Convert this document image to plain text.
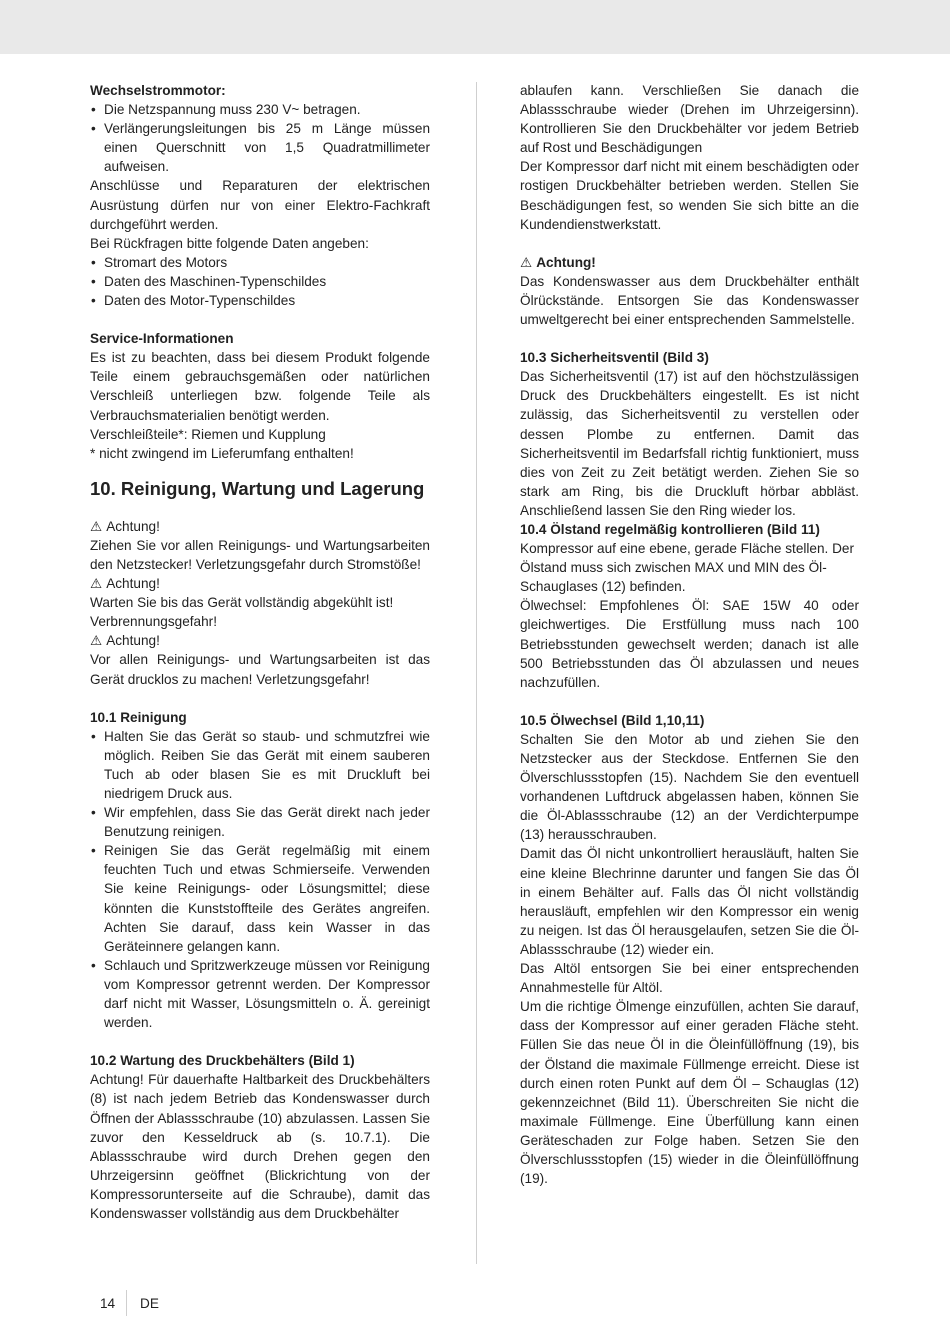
Wechselstrommotor:
• Die Netzspannung muss 230 V~ betragen.
• Verlängerungsleitungen bis 25 m Länge müssen einen Querschnitt von 1,5 Quadratmillimeter aufweisen.

Anschlüsse und Reparaturen der elektrischen Ausrüstung dürfen nur von einer Elektro-Fachkraft durchgeführt werden.

Bei Rückfragen bitte folgende Daten angeben:

• Stromart des Motors
• Daten des Maschinen-Typenschildes
• Daten des Motor-Typenschildes
Service-Informationen

Es ist zu beachten, dass bei diesem Produkt folgende Teile einem gebrauchsgemäßen oder natürlichen Verschleiß unterliegen bzw. folgende Teile als Verbrauchsmaterialien benötigt werden.

Verschleißteile*: Riemen und Kupplung

* nicht zwingend im Lieferumfang enthalten!

10. Reinigung, Wartung und Lagerung

⚠ Achtung!

Ziehen Sie vor allen Reinigungs- und Wartungsarbeiten den Netzstecker! Verletzungsgefahr durch Stromstöße!

⚠ Achtung!

Warten Sie bis das Gerät vollständig abgekühlt ist! Verbrennungsgefahr!

⚠ Achtung!

Vor allen Reinigungs- und Wartungsarbeiten ist das Gerät drucklos zu machen! Verletzungsgefahr!

10.1 Reinigung
• Halten Sie das Gerät so staub- und schmutzfrei wie möglich. Reiben Sie das Gerät mit einem sauberen Tuch ab oder blasen Sie es mit Druckluft bei niedrigem Druck aus.
• Wir empfehlen, dass Sie das Gerät direkt nach jeder Benutzung reinigen.
• Reinigen Sie das Gerät regelmäßig mit einem feuchten Tuch und etwas Schmierseife. Verwenden Sie keine Reinigungs- oder Lösungsmittel; diese könnten die Kunststoffteile des Gerätes angreifen. Achten Sie darauf, dass kein Wasser in das Geräteinnere gelangen kann.
• Schlauch und Spritzwerkzeuge müssen vor Reinigung vom Kompressor getrennt werden. Der Kompressor darf nicht mit Wasser, Lösungsmitteln o. Ä. gereinigt werden.
10.2 Wartung des Druckbehälters (Bild 1)

Achtung! Für dauerhafte Haltbarkeit des Druckbehälters (8) ist nach jedem Betrieb das Kondenswasser durch Öffnen der Ablassschraube (10) abzulassen. Lassen Sie zuvor den Kesseldruck ab (s. 10.7.1). Die Ablassschraube wird durch Drehen gegen den Uhrzeigersinn geöffnet (Blickrichtung von der Kompressorunterseite auf die Schraube), damit das Kondenswasser vollständig aus dem Druckbehälter

ablaufen kann. Verschließen Sie danach die Ablassschraube wieder (Drehen im Uhrzeigersinn). Kontrollieren Sie den Druckbehälter vor jedem Betrieb auf Rost und Beschädigungen

Der Kompressor darf nicht mit einem beschädigten oder rostigen Druckbehälter betrieben werden. Stellen Sie Beschädigungen fest, so wenden Sie sich bitte an die Kundendienstwerkstatt.

⚠ Achtung!

Das Kondenswasser aus dem Druckbehälter enthält Ölrückstände. Entsorgen Sie das Kondenswasser umweltgerecht bei einer entsprechenden Sammelstelle.

10.3 Sicherheitsventil (Bild 3)

Das Sicherheitsventil (17) ist auf den höchstzulässigen Druck des Druckbehälters eingestellt. Es ist nicht zulässig, das Sicherheitsventil zu verstellen oder dessen Plombe zu entfernen. Damit das Sicherheitsventil im Bedarfsfall richtig funktioniert, muss dies von Zeit zu Zeit betätigt werden. Ziehen Sie so stark am Ring, bis die Druckluft hörbar abbläst. Anschließend lassen Sie den Ring wieder los.

10.4 Ölstand regelmäßig kontrollieren (Bild 11)

Kompressor auf eine ebene, gerade Fläche stellen. Der Ölstand muss sich zwischen MAX und MIN des Öl-Schauglases (12) befinden.

Ölwechsel: Empfohlenes Öl: SAE 15W 40 oder gleichwertiges. Die Erstfüllung muss nach 100 Betriebsstunden gewechselt werden; danach ist alle 500 Betriebsstunden das Öl abzulassen und neues nachzufüllen.

10.5 Ölwechsel (Bild 1,10,11)

Schalten Sie den Motor ab und ziehen Sie den Netzstecker aus der Steckdose. Entfernen Sie den Ölverschlussstopfen (15). Nachdem Sie den eventuell vorhandenen Luftdruck abgelassen haben, können Sie die Öl-Ablassschraube (12) an der Verdichterpumpe (13) herausschrauben.

Damit das Öl nicht unkontrolliert herausläuft, halten Sie eine kleine Blechrinne darunter und fangen Sie das Öl in einem Behälter auf. Falls das Öl nicht vollständig herausläuft, empfehlen wir den Kompressor ein wenig zu neigen. Ist das Öl herausgelaufen, setzen Sie die Öl-Ablassschraube (12) wieder ein.

Das Altöl entsorgen Sie bei einer entsprechenden Annahmestelle für Altöl.

Um die richtige Ölmenge einzufüllen, achten Sie darauf, dass der Kompressor auf einer geraden Fläche steht. Füllen Sie das neue Öl in die Öleinfüllöffnung (19), bis der Ölstand die maximale Füllmenge erreicht. Diese ist durch einen roten Punkt auf dem Öl – Schauglas (12) gekennzeichnet (Bild 11). Überschreiten Sie nicht die maximale Füllmenge. Eine Überfüllung kann einen Geräteschaden zur Folge haben. Setzen Sie den Ölverschlussstopfen (15) wieder in die Öleinfüllöffnung (19).

14 DE
